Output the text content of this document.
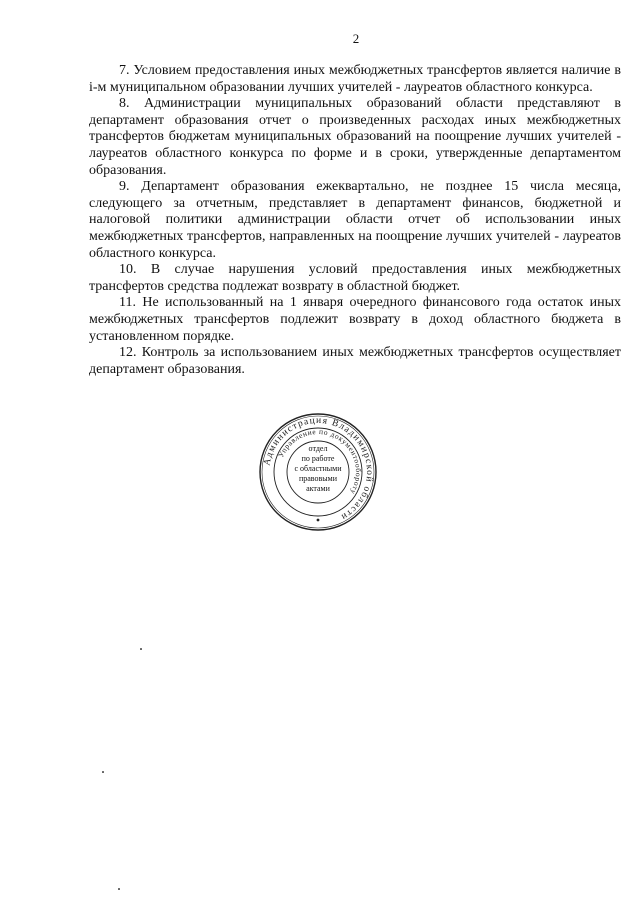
2

7. Условием предоставления иных межбюджетных трансфертов является наличие в i-м муниципальном образовании лучших учителей - лауреатов областного конкурса.

8. Администрации муниципальных образований области представляют в департамент образования отчет о произведенных расходах иных межбюджетных трансфертов бюджетам муниципальных образований на поощрение лучших учителей - лауреатов областного конкурса по форме и в сроки, утвержденные департаментом образования.

9. Департамент образования ежеквартально, не позднее 15 числа месяца, следующего за отчетным, представляет в департамент финансов, бюджетной и налоговой политики администрации области отчет об использовании иных межбюджетных трансфертов, направленных на поощрение лучших учителей - лауреатов областного конкурса.

10. В случае нарушения условий предоставления иных межбюджетных трансфертов средства подлежат возврату в областной бюджет.

11. Не использованный на 1 января очередного финансового года остаток иных межбюджетных трансфертов подлежит возврату в доход областного бюджета в установленном порядке.

12. Контроль за использованием иных межбюджетных трансфертов осуществляет департамент образования.

Администрация Владимирской области
Управление по документообороту
отдел
по работе
с областными
правовыми
актами
